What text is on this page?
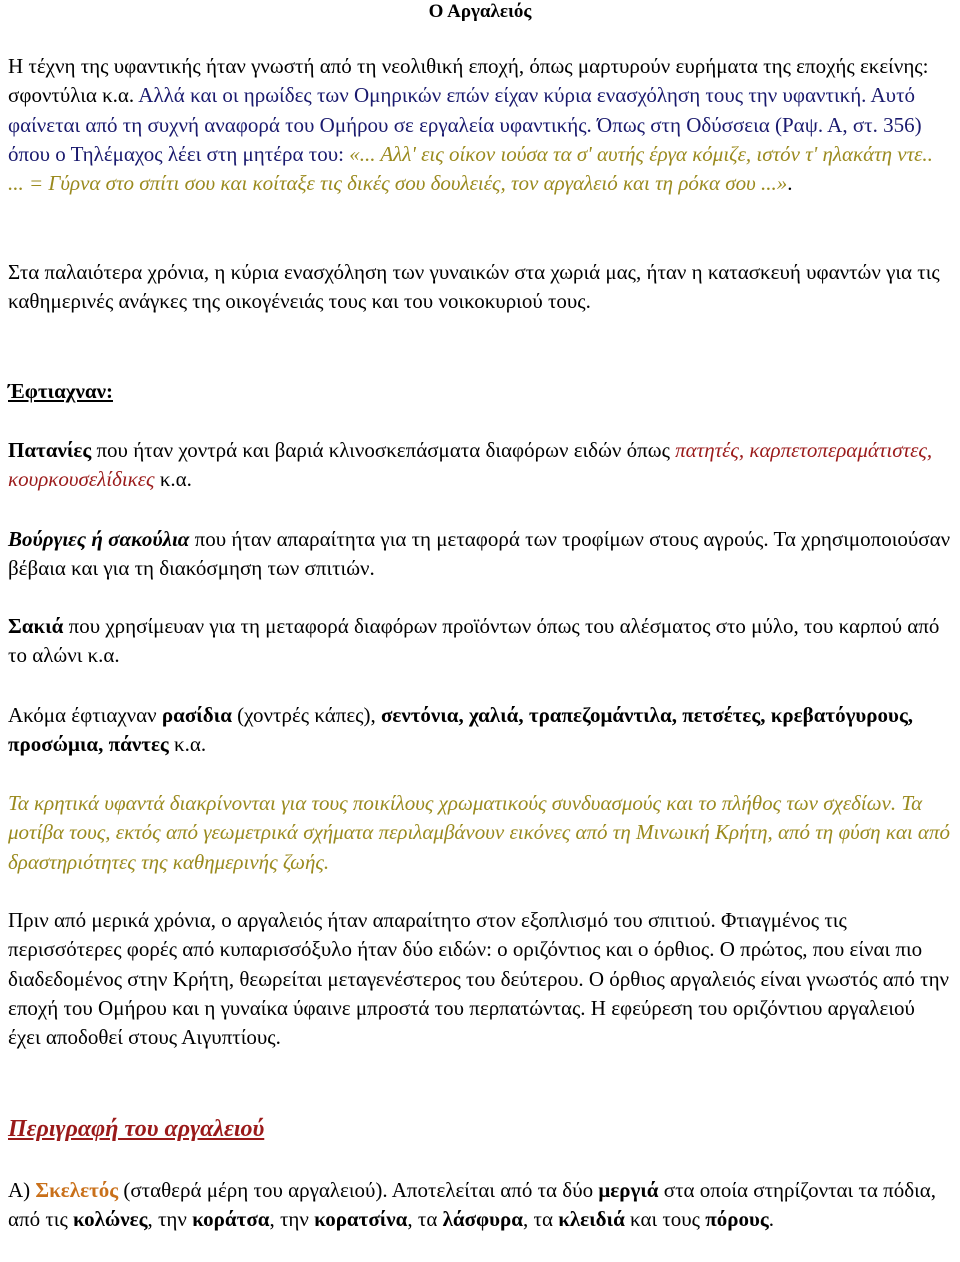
Ο Αργαλειός

Η τέχνη της υφαντικής ήταν γνωστή από τη νεολιθική εποχή, όπως μαρτυρούν ευρήματα της εποχής εκείνης: σφοντύλια κ.α. Αλλά και οι ηρωίδες των Ομηρικών επών είχαν κύρια ενασχόληση τους την υφαντική. Αυτό φαίνεται από τη συχνή αναφορά του Ομήρου σε εργαλεία υφαντικής. Όπως στη Οδύσσεια (Ραψ. Α, στ. 356) όπου ο Τηλέμαχος λέει στη μητέρα του: «... Αλλ' εις οίκον ιούσα τα σ' αυτής έργα κόμιζε, ιστόν τ' ηλακάτη ντε.. ... = Γύρνα στο σπίτι σου και κοίταξε τις δικές σου δουλειές, τον αργαλειό και τη ρόκα σου ...».

Στα παλαιότερα χρόνια, η κύρια ενασχόληση των γυναικών στα χωριά μας, ήταν η κατασκευή υφαντών για τις καθημερινές ανάγκες της οικογένειάς τους και του νοικοκυριού τους.

Έφτιαχναν:

Πατανίες που ήταν χοντρά και βαριά κλινοσκεπάσματα διαφόρων ειδών όπως πατητές, καρπετοπεραμάτιστες, κουρκουσελίδικες κ.α.

Βούργιες ή σακούλια που ήταν απαραίτητα για τη μεταφορά των τροφίμων στους αγρούς. Τα χρησιμοποιούσαν βέβαια και για τη διακόσμηση των σπιτιών.

Σακιά που χρησίμευαν για τη μεταφορά διαφόρων προϊόντων όπως του αλέσματος στο μύλο, του καρπού από το αλώνι κ.α.

Ακόμα έφτιαχναν ρασίδια (χοντρές κάπες), σεντόνια, χαλιά, τραπεζομάντιλα, πετσέτες, κρεβατόγυρους, προσώμια, πάντες κ.α.

Τα κρητικά υφαντά διακρίνονται για τους ποικίλους χρωματικούς συνδυασμούς και το πλήθος των σχεδίων. Τα μοτίβα τους, εκτός από γεωμετρικά σχήματα περιλαμβάνουν εικόνες από τη Μινωική Κρήτη, από τη φύση και από δραστηριότητες της καθημερινής ζωής.

Πριν από μερικά χρόνια, ο αργαλειός ήταν απαραίτητο στον εξοπλισμό του σπιτιού. Φτιαγμένος τις περισσότερες φορές από κυπαρισσόξυλο ήταν δύο ειδών: ο οριζόντιος και ο όρθιος. Ο πρώτος, που είναι πιο διαδεδομένος στην Κρήτη, θεωρείται μεταγενέστερος του δεύτερου. Ο όρθιος αργαλειός είναι γνωστός από την εποχή του Ομήρου και η γυναίκα ύφαινε μπροστά του περπατώντας. Η εφεύρεση του οριζόντιου αργαλειού έχει αποδοθεί στους Αιγυπτίους.

Περιγραφή του αργαλειού

Α) Σκελετός (σταθερά μέρη του αργαλειού). Αποτελείται από τα δύο μεργιά στα οποία στηρίζονται τα πόδια, από τις κολώνες, την κοράτσα, την κορατσίνα, τα λάσφυρα, τα κλειδιά και τους πόρους.
